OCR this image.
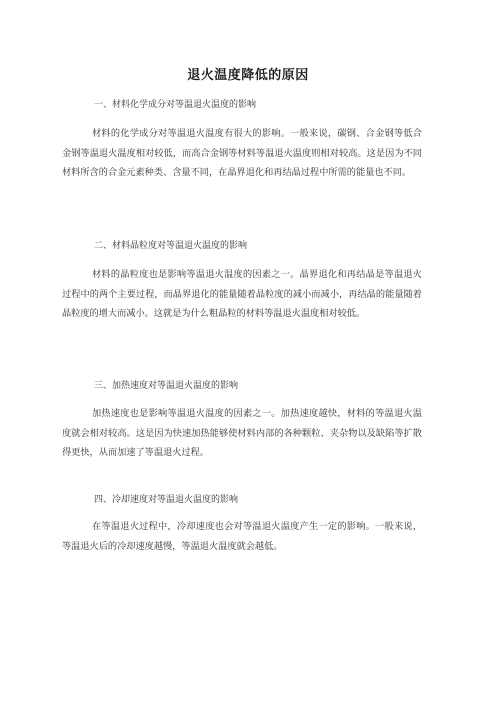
退火温度降低的原因
一、材料化学成分对等温退火温度的影响
材料的化学成分对等温退火温度有很大的影响。一般来说，碳钢、合金钢等低合金钢等温退火温度相对较低，而高合金钢等材料等温退火温度则相对较高。这是因为不同材料所含的合金元素种类、含量不同，在晶界退化和再结晶过程中所需的能量也不同。
二、材料晶粒度对等温退火温度的影响
材料的晶粒度也是影响等温退火温度的因素之一。晶界退化和再结晶是等温退火过程中的两个主要过程，而晶界退化的能量随着晶粒度的减小而减小，再结晶的能量随着晶粒度的增大而减小。这就是为什么粗晶粒的材料等温退火温度相对较低。
三、加热速度对等温退火温度的影响
加热速度也是影响等温退火温度的因素之一。加热速度越快，材料的等温退火温度就会相对较高。这是因为快速加热能够使材料内部的各种颗粒、夹杂物以及缺陷等扩散得更快，从而加速了等温退火过程。
四、冷却速度对等温退火温度的影响
在等温退火过程中，冷却速度也会对等温退火温度产生一定的影响。一般来说，等温退火后的冷却速度越慢，等温退火温度就会越低。
